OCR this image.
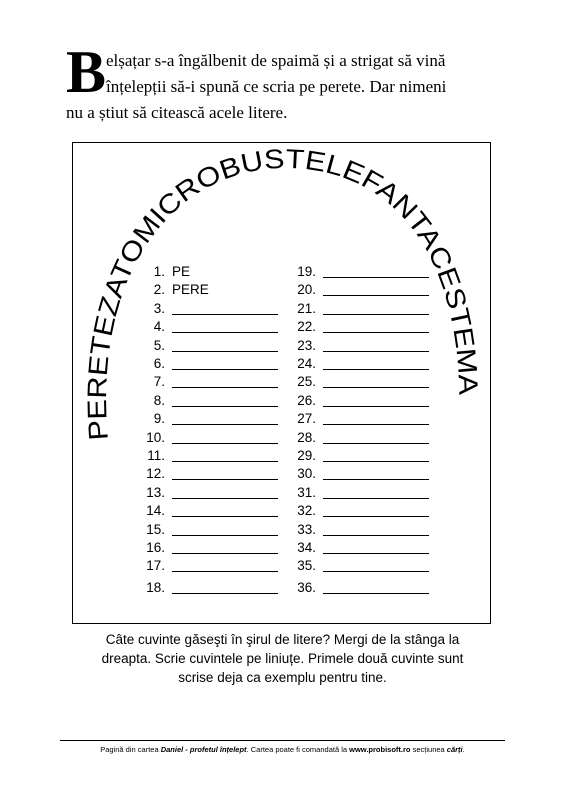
B elșațar s-a îngălbenit de spaimă și a strigat să vină
înțelepții să-i spună ce scria pe perete. Dar nimeni
nu a știut să citească acele litere.
PERETEZATOMICROBUSTELEFANTACESTEMA
1. PE
2. PERE
3.
4.
5.
6.
7.
8.
9.
10.
11.
12.
13.
14.
15.
16.
17.
18.
19.
20.
21.
22.
23.
24.
25.
26.
27.
28.
29.
30.
31.
32.
33.
34.
35.
36.
Câte cuvinte găseşti în şirul de litere? Mergi de la stânga la
dreapta. Scrie cuvintele pe liniuțe. Primele două cuvinte sunt
scrise deja ca exemplu pentru tine.
Pagină din cartea Daniel - profetul înțelept. Cartea poate fi comandată la www.probisoft.ro secțiunea cărți.
